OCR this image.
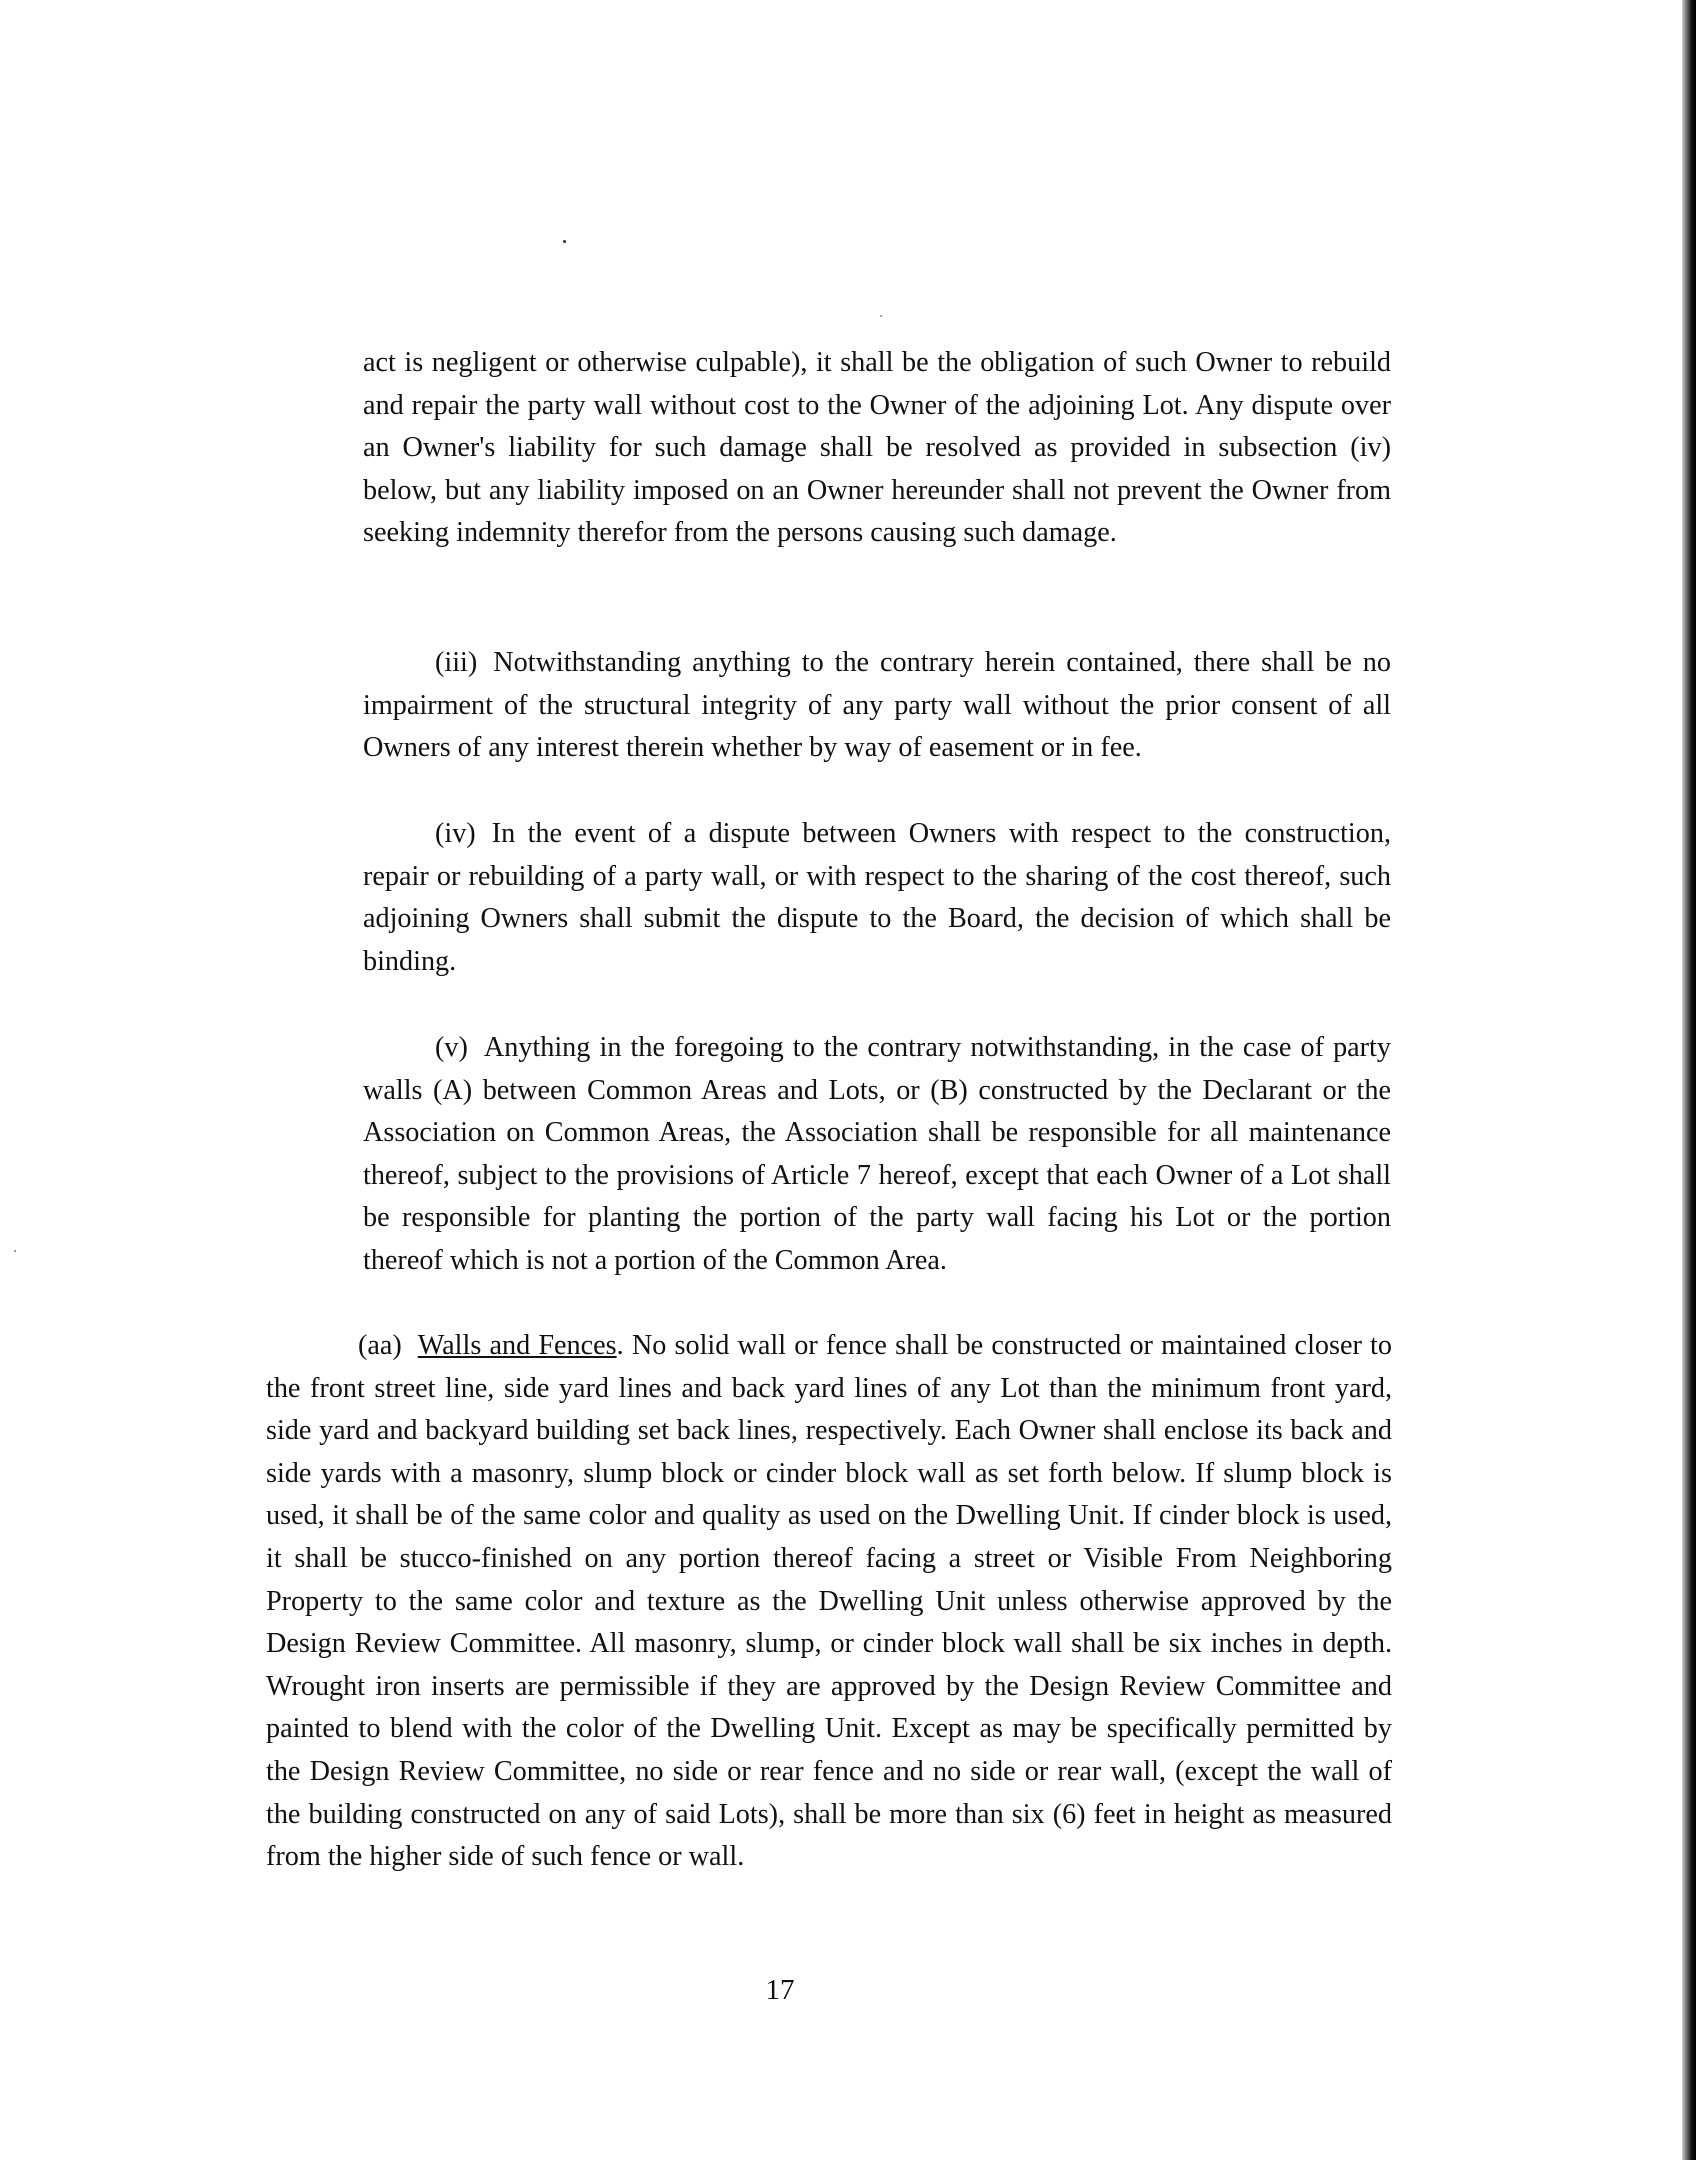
act is negligent or otherwise culpable), it shall be the obligation of such Owner to rebuild and repair the party wall without cost to the Owner of the adjoining Lot. Any dispute over an Owner's liability for such damage shall be resolved as provided in subsection (iv) below, but any liability imposed on an Owner hereunder shall not prevent the Owner from seeking indemnity therefor from the persons causing such damage.

(iii) Notwithstanding anything to the contrary herein contained, there shall be no impairment of the structural integrity of any party wall without the prior consent of all Owners of any interest therein whether by way of easement or in fee.

(iv) In the event of a dispute between Owners with respect to the construction, repair or rebuilding of a party wall, or with respect to the sharing of the cost thereof, such adjoining Owners shall submit the dispute to the Board, the decision of which shall be binding.

(v) Anything in the foregoing to the contrary notwithstanding, in the case of party walls (A) between Common Areas and Lots, or (B) constructed by the Declarant or the Association on Common Areas, the Association shall be responsible for all maintenance thereof, subject to the provisions of Article 7 hereof, except that each Owner of a Lot shall be responsible for planting the portion of the party wall facing his Lot or the portion thereof which is not a portion of the Common Area.

(aa) Walls and Fences. No solid wall or fence shall be constructed or maintained closer to the front street line, side yard lines and back yard lines of any Lot than the minimum front yard, side yard and backyard building set back lines, respectively. Each Owner shall enclose its back and side yards with a masonry, slump block or cinder block wall as set forth below. If slump block is used, it shall be of the same color and quality as used on the Dwelling Unit. If cinder block is used, it shall be stucco-finished on any portion thereof facing a street or Visible From Neighboring Property to the same color and texture as the Dwelling Unit unless otherwise approved by the Design Review Committee. All masonry, slump, or cinder block wall shall be six inches in depth. Wrought iron inserts are permissible if they are approved by the Design Review Committee and painted to blend with the color of the Dwelling Unit. Except as may be specifically permitted by the Design Review Committee, no side or rear fence and no side or rear wall, (except the wall of the building constructed on any of said Lots), shall be more than six (6) feet in height as measured from the higher side of such fence or wall.

17
